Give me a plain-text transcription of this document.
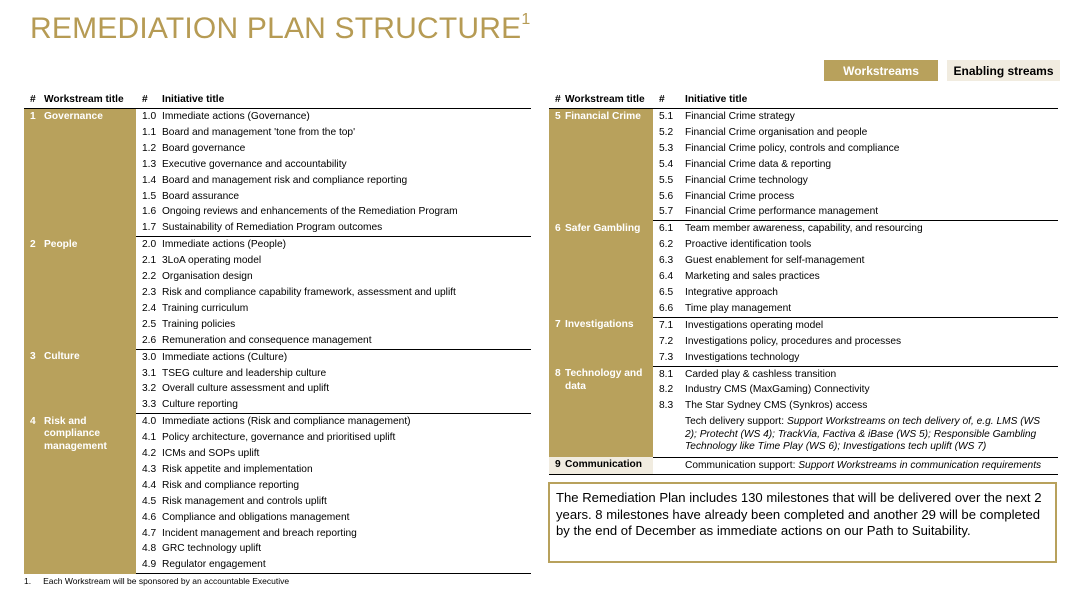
REMEDIATION PLAN STRUCTURE$^1$
Workstreams	Enabling streams
#	Workstream title	#	Initiative title
1	Governance	1.0	Immediate actions (Governance)
		1.1	Board and management 'tone from the top'
		1.2	Board governance
		1.3	Executive governance and accountability
		1.4	Board and management risk and compliance reporting
		1.5	Board assurance
		1.6	Ongoing reviews and enhancements of the Remediation Program
		1.7	Sustainability of Remediation Program outcomes
2	People	2.0	Immediate actions (People)
		2.1	3LoA operating model
		2.2	Organisation design
		2.3	Risk and compliance capability framework, assessment and uplift
		2.4	Training curriculum
		2.5	Training policies
		2.6	Remuneration and consequence management
3	Culture	3.0	Immediate actions (Culture)
		3.1	TSEG culture and leadership culture
		3.2	Overall culture assessment and uplift
		3.3	Culture reporting
4	Risk and compliance management	4.0	Immediate actions (Risk and compliance management)
		4.1	Policy architecture, governance and prioritised uplift
		4.2	ICMs and SOPs uplift
		4.3	Risk appetite and implementation
		4.4	Risk and compliance reporting
		4.5	Risk management and controls uplift
		4.6	Compliance and obligations management
		4.7	Incident management and breach reporting
		4.8	GRC technology uplift
		4.9	Regulator engagement
#	Workstream title	#	Initiative title
5	Financial Crime	5.1	Financial Crime strategy
		5.2	Financial Crime organisation and people
		5.3	Financial Crime policy, controls and compliance
		5.4	Financial Crime data & reporting
		5.5	Financial Crime technology
		5.6	Financial Crime process
		5.7	Financial Crime performance management
6	Safer Gambling	6.1	Team member awareness, capability, and resourcing
		6.2	Proactive identification tools
		6.3	Guest enablement for self-management
		6.4	Marketing and sales practices
		6.5	Integrative approach
		6.6	Time play management
7	Investigations	7.1	Investigations operating model
		7.2	Investigations policy, procedures and processes
		7.3	Investigations technology
8	Technology and data	8.1	Carded play & cashless transition
		8.2	Industry CMS (MaxGaming) Connectivity
		8.3	The Star Sydney CMS (Synkros) access
			Tech delivery support: Support Workstreams on tech delivery of, e.g. LMS (WS 2); Protecht (WS 4); TrackVia, Factiva & iBase (WS 5); Responsible Gambling Technology like Time Play (WS 6); Investigations tech uplift (WS 7)
9	Communication		Communication support: Support Workstreams in communication requirements
The Remediation Plan includes 130 milestones that will be delivered over the next 2 years. 8 milestones have already been completed and another 29 will be completed by the end of December as immediate actions on our Path to Suitability.
1. Each Workstream will be sponsored by an accountable Executive
